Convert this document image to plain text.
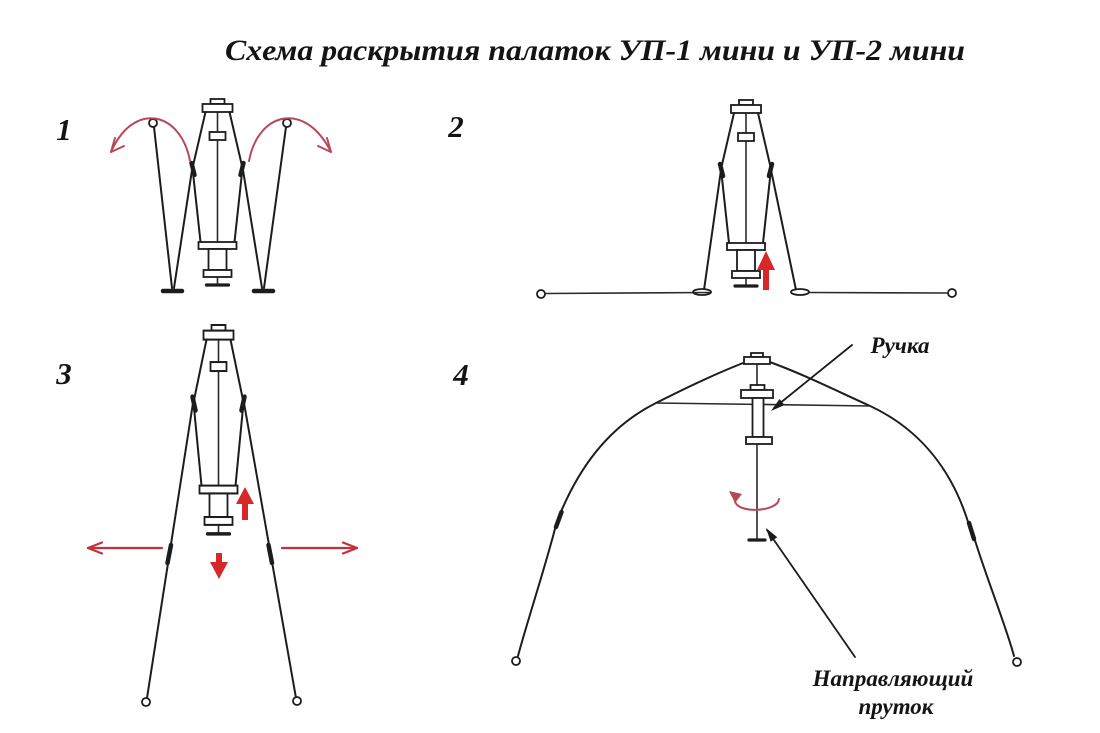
Схема раскрытия палаток УП-1 мини и УП-2 мини
1	2
3	4
Ручка
Направляющий
пруток
